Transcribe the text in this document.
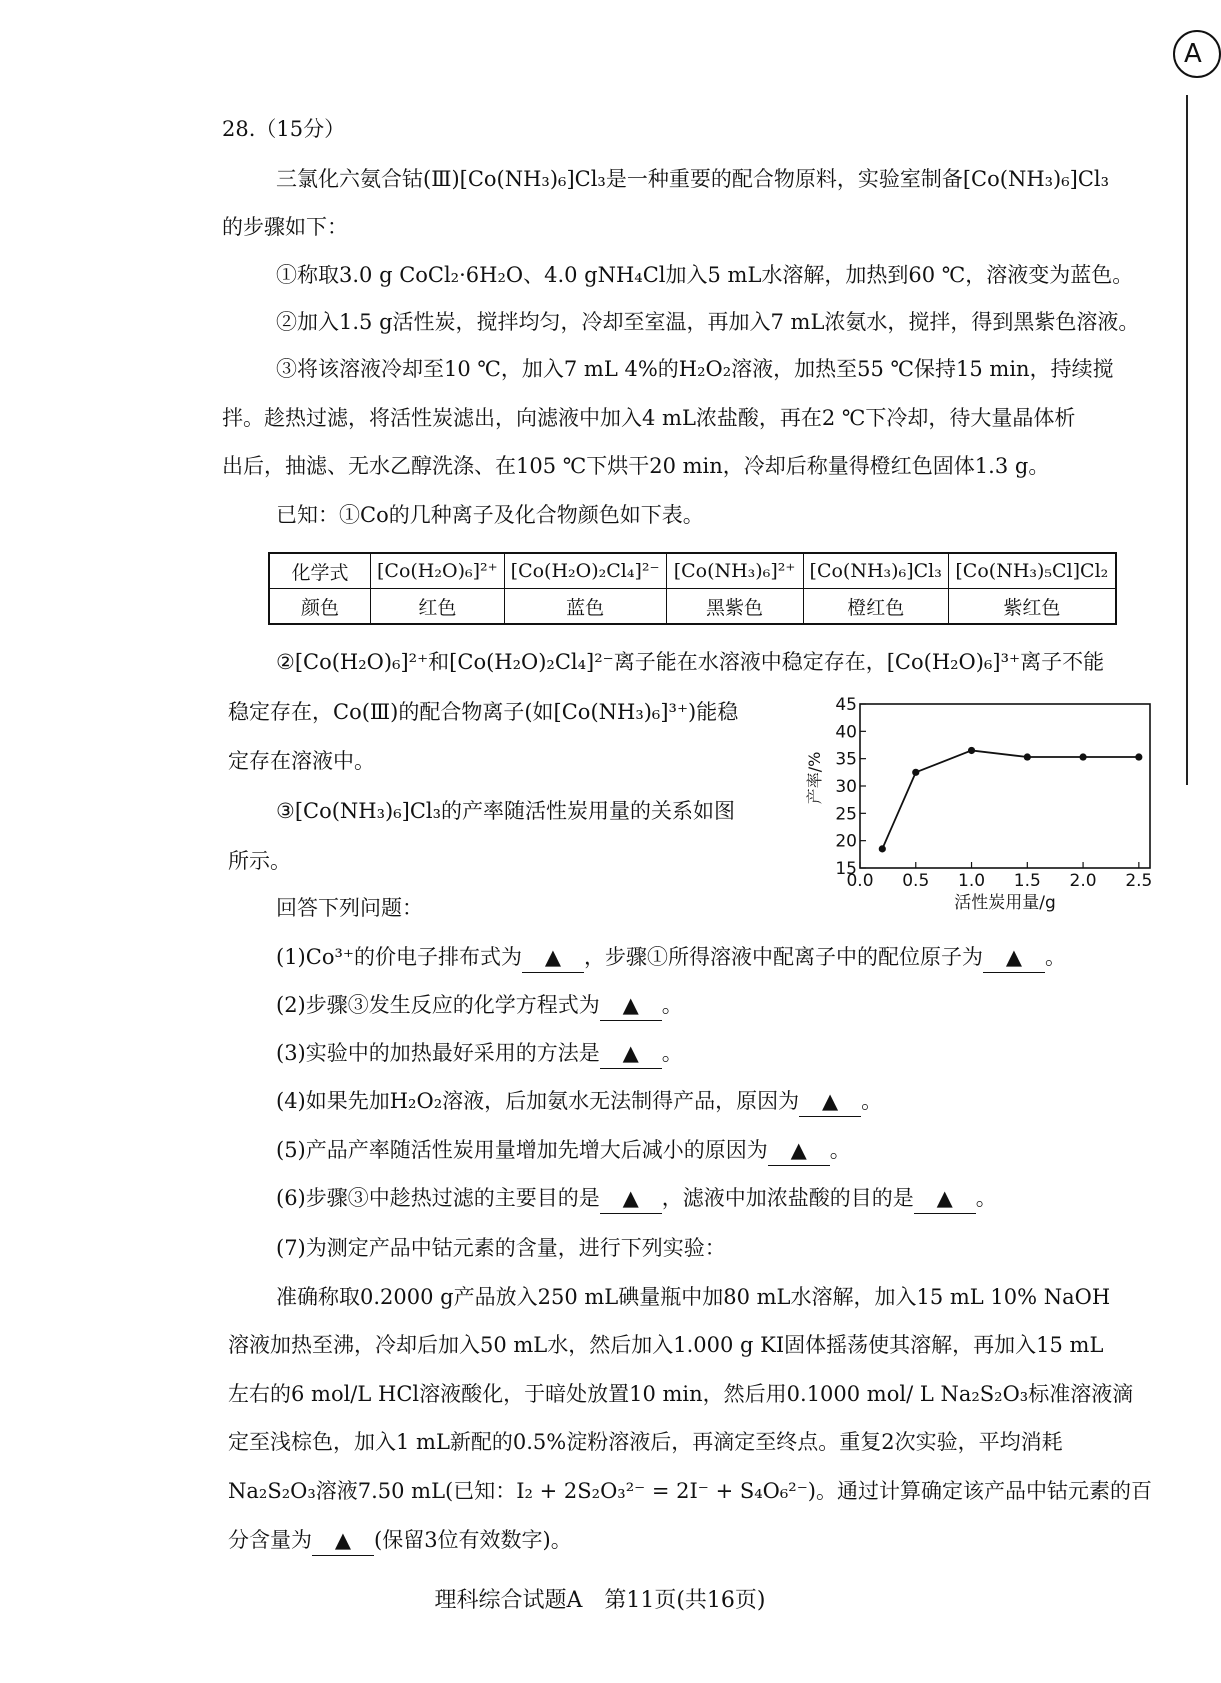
A
28.（15分）
三氯化六氨合钴(Ⅲ)[Co(NH₃)₆]Cl₃是一种重要的配合物原料，实验室制备[Co(NH₃)₆]Cl₃
的步骤如下：
①称取3.0 g CoCl₂·6H₂O、4.0 gNH₄Cl加入5 mL水溶解，加热到60 ℃，溶液变为蓝色。
②加入1.5 g活性炭，搅拌均匀，冷却至室温，再加入7 mL浓氨水，搅拌，得到黑紫色溶液。
③将该溶液冷却至10 ℃，加入7 mL 4%的H₂O₂溶液，加热至55 ℃保持15 min，持续搅
拌。趁热过滤，将活性炭滤出，向滤液中加入4 mL浓盐酸，再在2 ℃下冷却，待大量晶体析
出后，抽滤、无水乙醇洗涤、在105 ℃下烘干20 min，冷却后称量得橙红色固体1.3 g。
已知：①Co的几种离子及化合物颜色如下表。
化学式	[Co(H₂O)₆]²⁺	[Co(H₂O)₂Cl₄]²⁻	[Co(NH₃)₆]²⁺	[Co(NH₃)₆]Cl₃	[Co(NH₃)₅Cl]Cl₂
颜色	红色	蓝色	黑紫色	橙红色	紫红色
②[Co(H₂O)₆]²⁺和[Co(H₂O)₂Cl₄]²⁻离子能在水溶液中稳定存在，[Co(H₂O)₆]³⁺离子不能
稳定存在，Co(Ⅲ)的配合物离子(如[Co(NH₃)₆]³⁺)能稳
定存在溶液中。
③[Co(NH₃)₆]Cl₃的产率随活性炭用量的关系如图
所示。	15
20
25
30
35
40
45
0.0 0.5 1.0 1.5 2.0 2.5
活性炭用量/g
产率/%
回答下列问题：
(1)Co³⁺的价电子排布式为 ▲ ，步骤①所得溶液中配离子中的配位原子为 ▲ 。
(2)步骤③发生反应的化学方程式为 ▲ 。
(3)实验中的加热最好采用的方法是 ▲ 。
(4)如果先加H₂O₂溶液，后加氨水无法制得产品，原因为 ▲ 。
(5)产品产率随活性炭用量增加先增大后减小的原因为 ▲ 。
(6)步骤③中趁热过滤的主要目的是 ▲ ，滤液中加浓盐酸的目的是 ▲ 。
(7)为测定产品中钴元素的含量，进行下列实验：
准确称取0.2000 g产品放入250 mL碘量瓶中加80 mL水溶解，加入15 mL 10% NaOH
溶液加热至沸，冷却后加入50 mL水，然后加入1.000 g KI固体摇荡使其溶解，再加入15 mL
左右的6 mol/L HCl溶液酸化，于暗处放置10 min，然后用0.1000 mol/ L Na₂S₂O₃标准溶液滴
定至浅棕色，加入1 mL新配的0.5%淀粉溶液后，再滴定至终点。重复2次实验，平均消耗
Na₂S₂O₃溶液7.50 mL(已知：I₂ + 2S₂O₃²⁻ = 2I⁻ + S₄O₆²⁻)。通过计算确定该产品中钴元素的百
分含量为 ▲ (保留3位有效数字)。
理科综合试题A　第11页(共16页)
